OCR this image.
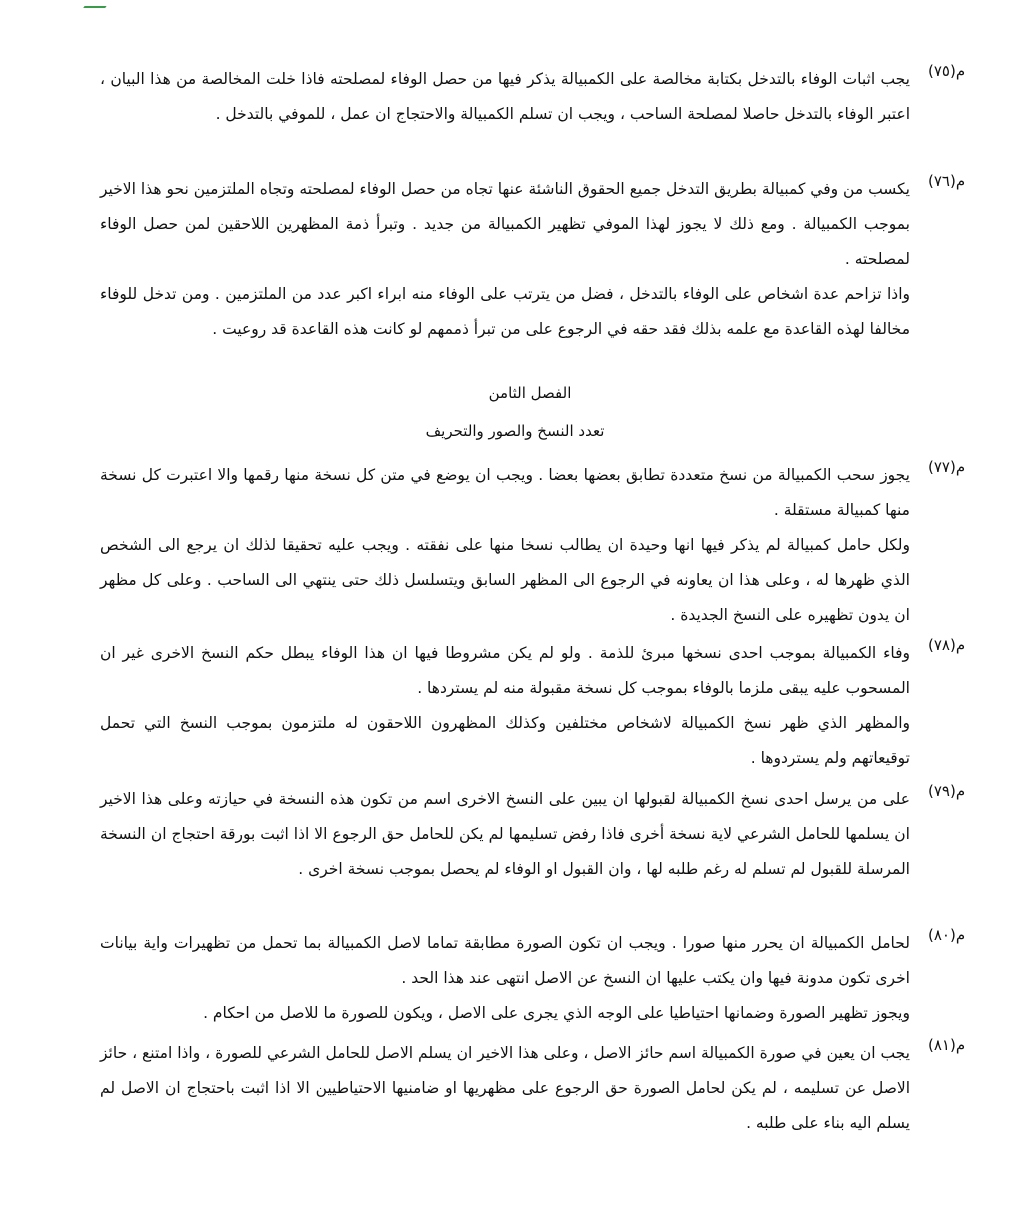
م(٧٥)

يجب اثبات الوفاء بالتدخل بكتابة مخالصة على الكمبيالة يذكر فيها من حصل الوفاء لمصلحته فاذا خلت المخالصة من هذا البيان ، اعتبر الوفاء بالتدخل حاصلا لمصلحة الساحب ، ويجب ان تسلم الكمبيالة والاحتجاج ان عمل ، للموفي بالتدخل .

م(٧٦)

يكسب من وفي كمبيالة بطريق التدخل جميع الحقوق الناشئة عنها تجاه من حصل الوفاء لمصلحته وتجاه الملتزمين نحو هذا الاخير بموجب الكمبيالة . ومع ذلك لا يجوز لهذا الموفي تظهير الكمبيالة من جديد . وتبرأ ذمة المظهرين اللاحقين لمن حصل الوفاء لمصلحته .

واذا تزاحم عدة اشخاص على الوفاء بالتدخل ، فضل من يترتب على الوفاء منه ابراء اكبر عدد من الملتزمين . ومن تدخل للوفاء مخالفا لهذه القاعدة مع علمه بذلك فقد حقه في الرجوع على من تبرأ ذممهم لو كانت هذه القاعدة قد روعيت .

الفصل الثامن
تعدد النسخ والصور والتحريف
م(٧٧)

يجوز سحب الكمبيالة من نسخ متعددة تطابق بعضها بعضا . ويجب ان يوضع في متن كل نسخة منها رقمها والا اعتبرت كل نسخة منها كمبيالة مستقلة .

ولكل حامل كمبيالة لم يذكر فيها انها وحيدة ان يطالب نسخا منها على نفقته . ويجب عليه تحقيقا لذلك ان يرجع الى الشخص الذي ظهرها له ، وعلى هذا ان يعاونه في الرجوع الى المظهر السابق ويتسلسل ذلك حتى ينتهي الى الساحب . وعلى كل مظهر ان يدون تظهيره على النسخ الجديدة .

م(٧٨)

وفاء الكمبيالة بموجب احدى نسخها مبرئ للذمة . ولو لم يكن مشروطا فيها ان هذا الوفاء يبطل حكم النسخ الاخرى غير ان المسحوب عليه يبقى ملزما بالوفاء بموجب كل نسخة مقبولة منه لم يستردها .

والمظهر الذي ظهر نسخ الكمبيالة لاشخاص مختلفين وكذلك المظهرون اللاحقون له ملتزمون بموجب النسخ التي تحمل توقيعاتهم ولم يستردوها .

م(٧٩)

على من يرسل احدى نسخ الكمبيالة لقبولها ان يبين على النسخ الاخرى اسم من تكون هذه النسخة في حيازته وعلى هذا الاخير ان يسلمها للحامل الشرعي لاية نسخة أخرى فاذا رفض تسليمها لم يكن للحامل حق الرجوع الا اذا اثبت بورقة احتجاج ان النسخة المرسلة للقبول لم تسلم له رغم طلبه لها ، وان القبول او الوفاء لم يحصل بموجب نسخة اخرى .

م(٨٠)

لحامل الكمبيالة ان يحرر منها صورا . ويجب ان تكون الصورة مطابقة تماما لاصل الكمبيالة بما تحمل من تظهيرات واية بيانات اخرى تكون مدونة فيها وان يكتب عليها ان النسخ عن الاصل انتهى عند هذا الحد .

ويجوز تظهير الصورة وضمانها احتياطيا على الوجه الذي يجرى على الاصل ، ويكون للصورة ما للاصل من احكام .

م(٨١)

يجب ان يعين في صورة الكمبيالة اسم حائز الاصل ، وعلى هذا الاخير ان يسلم الاصل للحامل الشرعي للصورة ، واذا امتنع ، حائز الاصل عن تسليمه ، لم يكن لحامل الصورة حق الرجوع على مظهريها او ضامنيها الاحتياطيين الا اذا اثبت باحتجاج ان الاصل لم يسلم اليه بناء على طلبه .
